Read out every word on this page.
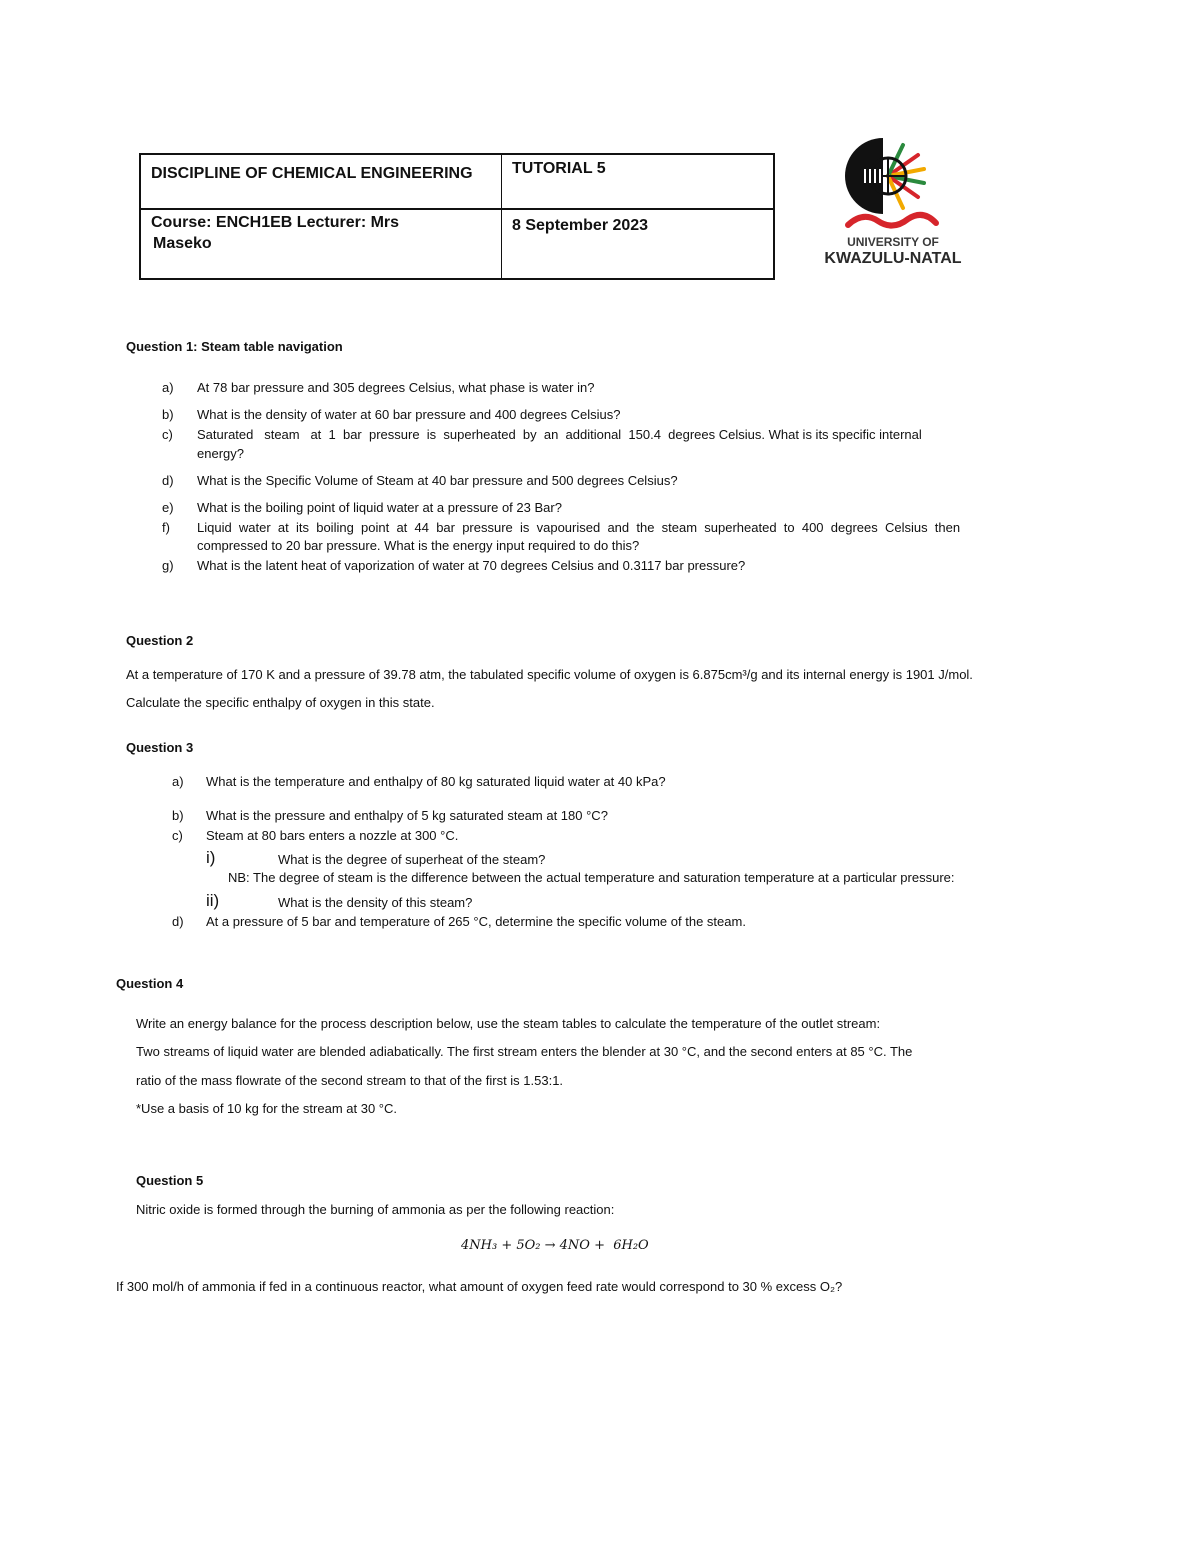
DISCIPLINE OF CHEMICAL ENGINEERING TUTORIAL 5
Course: ENCH1EB Lecturer: Mrs
Maseko
8 September 2023
UNIVERSITY OF
KWAZULU-NATAL
Question 1: Steam table navigation
a) At 78 bar pressure and 305 degrees Celsius, what phase is water in?
b) What is the density of water at 60 bar pressure and 400 degrees Celsius?
c) Saturated   steam   at  1  bar  pressure  is  superheated  by  an  additional  150.4  degrees Celsius. What is its specific internal
energy?
d) What is the Specific Volume of Steam at 40 bar pressure and 500 degrees Celsius?
e) What is the boiling point of liquid water at a pressure of 23 Bar?
f) Liquid  water  at  its  boiling  point  at  44  bar  pressure  is  vapourised  and  the  steam  superheated  to  400  degrees  Celsius  then
compressed to 20 bar pressure. What is the energy input required to do this?
g) What is the latent heat of vaporization of water at 70 degrees Celsius and 0.3117 bar pressure?
Question 2
At a temperature of 170 K and a pressure of 39.78 atm, the tabulated specific volume of oxygen is 6.875cm³/g and its internal energy is 1901 J/mol.
Calculate the specific enthalpy of oxygen in this state.
Question 3
a) What is the temperature and enthalpy of 80 kg saturated liquid water at 40 kPa?
b) What is the pressure and enthalpy of 5 kg saturated steam at 180 °C?
c) Steam at 80 bars enters a nozzle at 300 °C.
i)	What is the degree of superheat of the steam?
NB: The degree of steam is the difference between the actual temperature and saturation temperature at a particular pressure:
ii)	What is the density of this steam?
d) At a pressure of 5 bar and temperature of 265 °C, determine the specific volume of the steam.
Question 4
Write an energy balance for the process description below, use the steam tables to calculate the temperature of the outlet stream:
Two streams of liquid water are blended adiabatically. The first stream enters the blender at 30 °C, and the second enters at 85 °C. The
ratio of the mass flowrate of the second stream to that of the first is 1.53:1.
*Use a basis of 10 kg for the stream at 30 °C.
Question 5
Nitric oxide is formed through the burning of ammonia as per the following reaction:
4NH₃ + 5O₂ → 4NO +  6H₂O
If 300 mol/h of ammonia if fed in a continuous reactor, what amount of oxygen feed rate would correspond to 30 % excess O₂?
